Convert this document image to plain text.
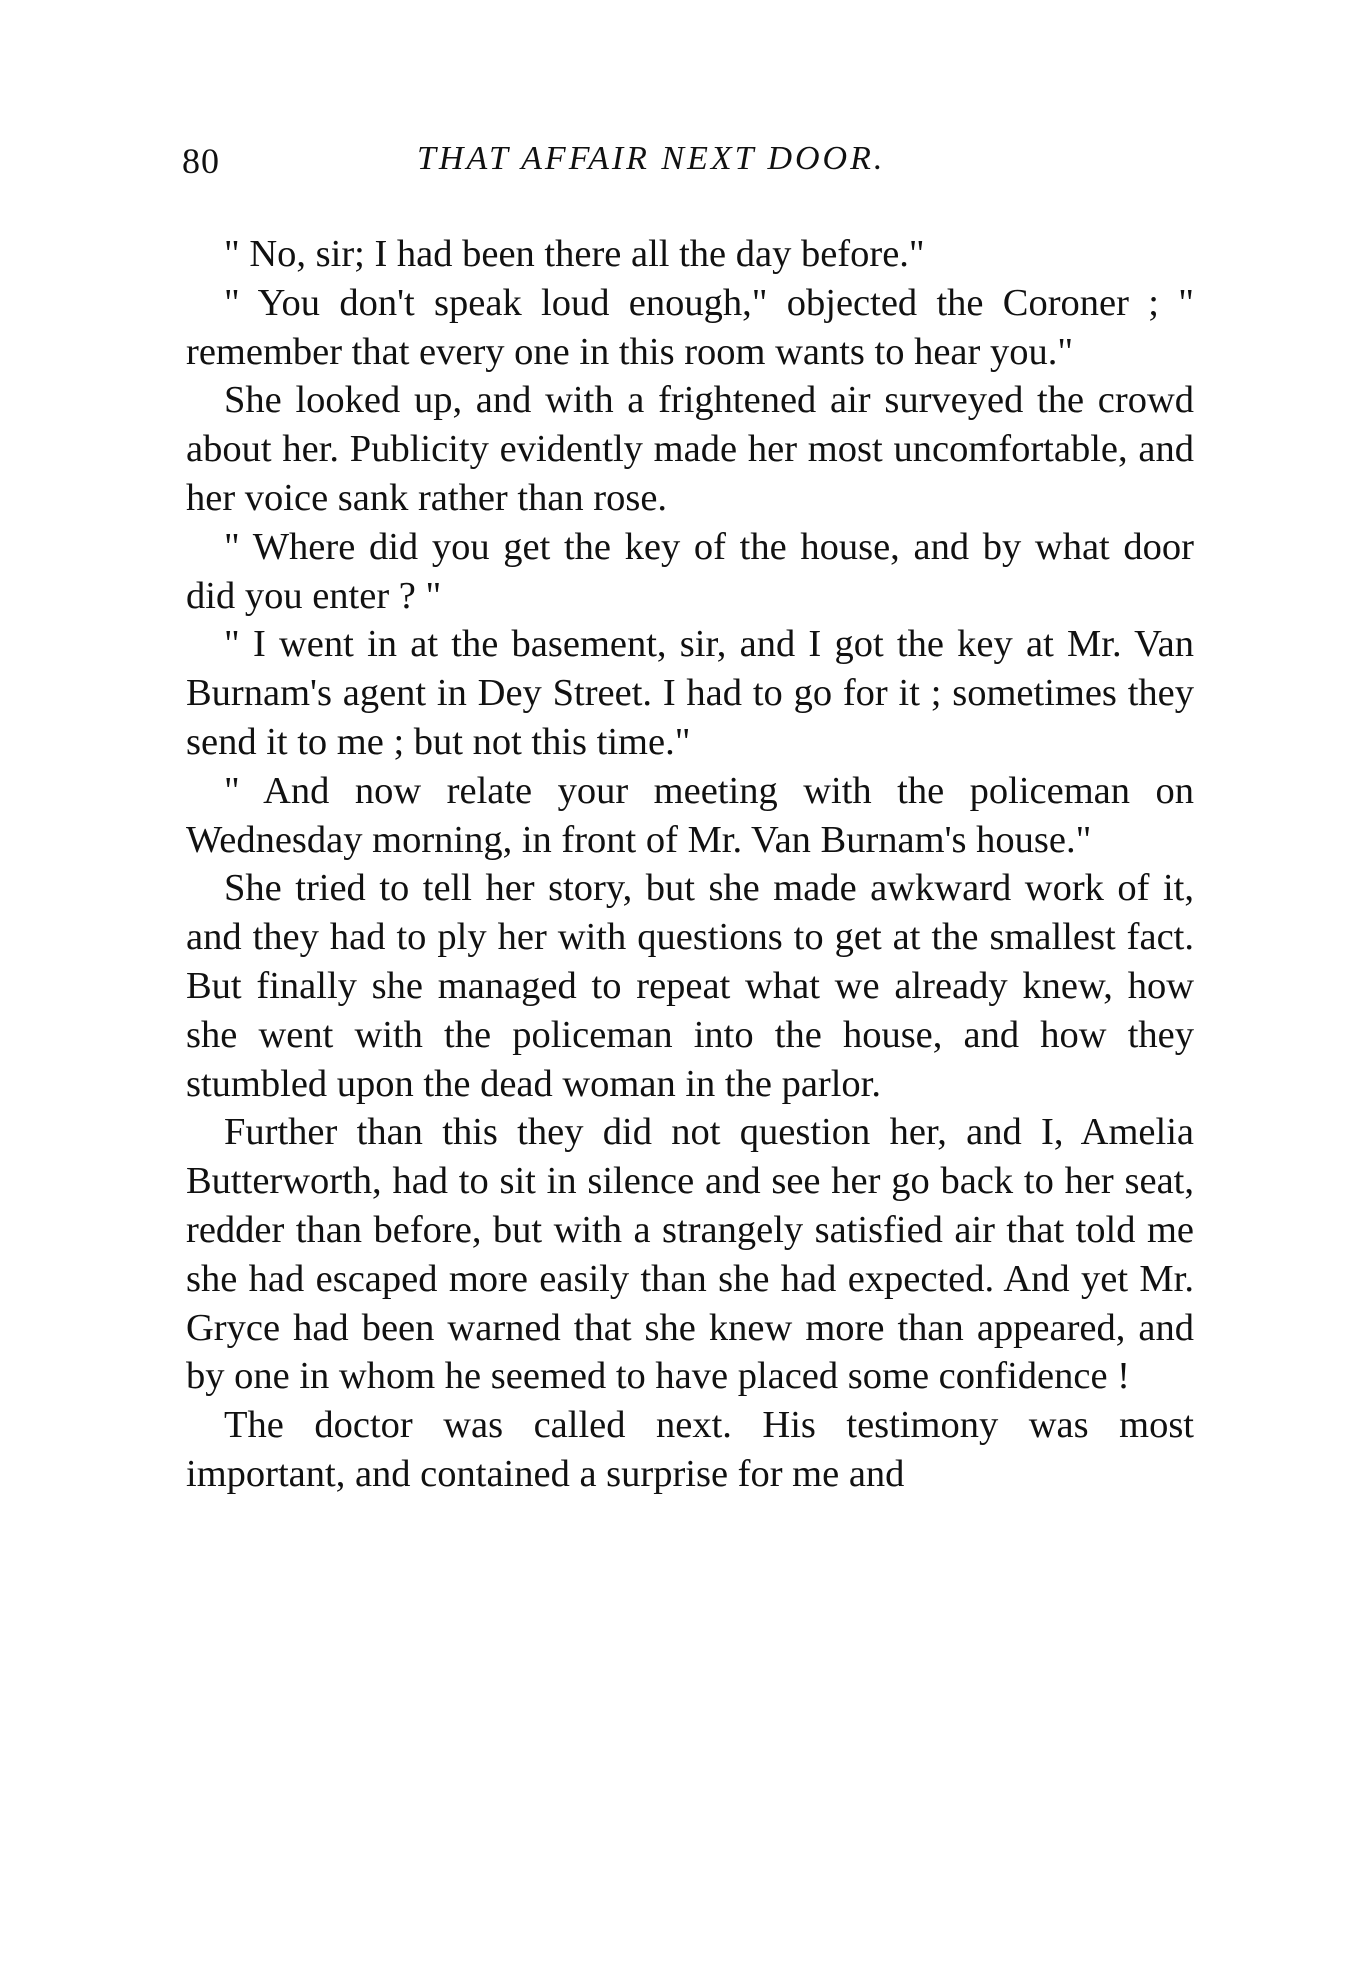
80	THAT AFFAIR NEXT DOOR.

" No, sir; I had been there all the day before."

" You don't speak loud enough," objected the Coroner ; " remember that every one in this room wants to hear you."

She looked up, and with a frightened air surveyed the crowd about her. Publicity evidently made her most uncomfortable, and her voice sank rather than rose.

" Where did you get the key of the house, and by what door did you enter ? "

" I went in at the basement, sir, and I got the key at Mr. Van Burnam's agent in Dey Street. I had to go for it ; sometimes they send it to me ; but not this time."

" And now relate your meeting with the policeman on Wednesday morning, in front of Mr. Van Burnam's house."

She tried to tell her story, but she made awkward work of it, and they had to ply her with questions to get at the smallest fact. But finally she managed to repeat what we already knew, how she went with the policeman into the house, and how they stumbled upon the dead woman in the parlor.

Further than this they did not question her, and I, Amelia Butterworth, had to sit in silence and see her go back to her seat, redder than before, but with a strangely satisfied air that told me she had escaped more easily than she had expected. And yet Mr. Gryce had been warned that she knew more than appeared, and by one in whom he seemed to have placed some confidence !

The doctor was called next. His testimony was most important, and contained a surprise for me and
